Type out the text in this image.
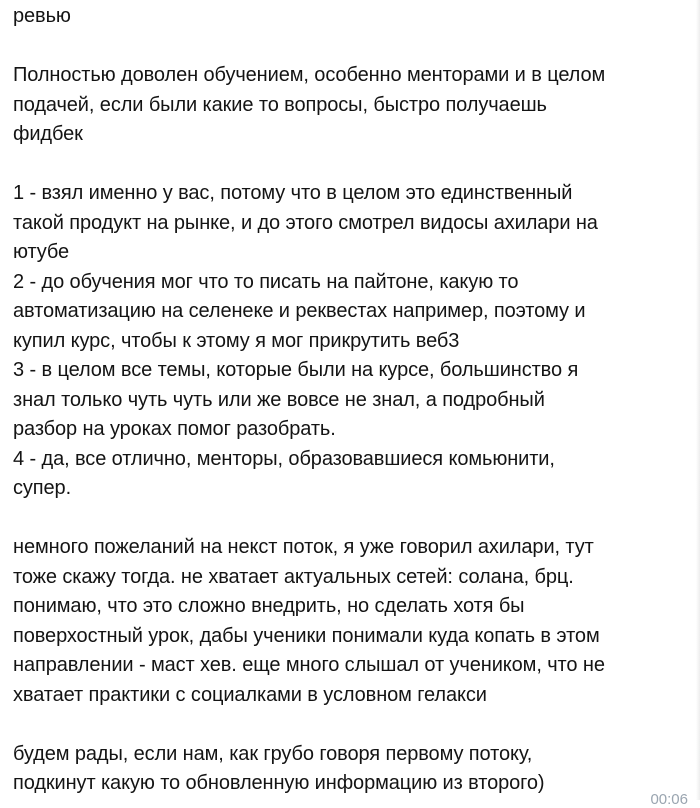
ревью

Полностью доволен обучением, особенно менторами и в целом
подачей, если были какие то вопросы, быстро получаешь
фидбек

1 - взял именно у вас, потому что в целом это единственный
такой продукт на рынке, и до этого смотрел видосы ахилари на
ютубе
2 - до обучения мог что то писать на пайтоне, какую то
автоматизацию на селенеке и реквестах например, поэтому и
купил курс, чтобы к этому я мог прикрутить веб3
3 - в целом все темы, которые были на курсе, большинство я
знал только чуть чуть или же вовсе не знал, а подробный
разбор на уроках помог разобрать.
4 - да, все отлично, менторы, образовавшиеся комьюнити,
супер.

немного пожеланий на некст поток, я уже говорил ахилари, тут
тоже скажу тогда. не хватает актуальных сетей: солана, брц.
понимаю, что это сложно внедрить, но сделать хотя бы
поверхостный урок, дабы ученики понимали куда копать в этом
направлении - маст хев. еще много слышал от учеником, что не
хватает практики с социалками в условном гелакси

будем рады, если нам, как грубо говоря первому потоку,
подкинут какую то обновленную информацию из второго)

00:06
